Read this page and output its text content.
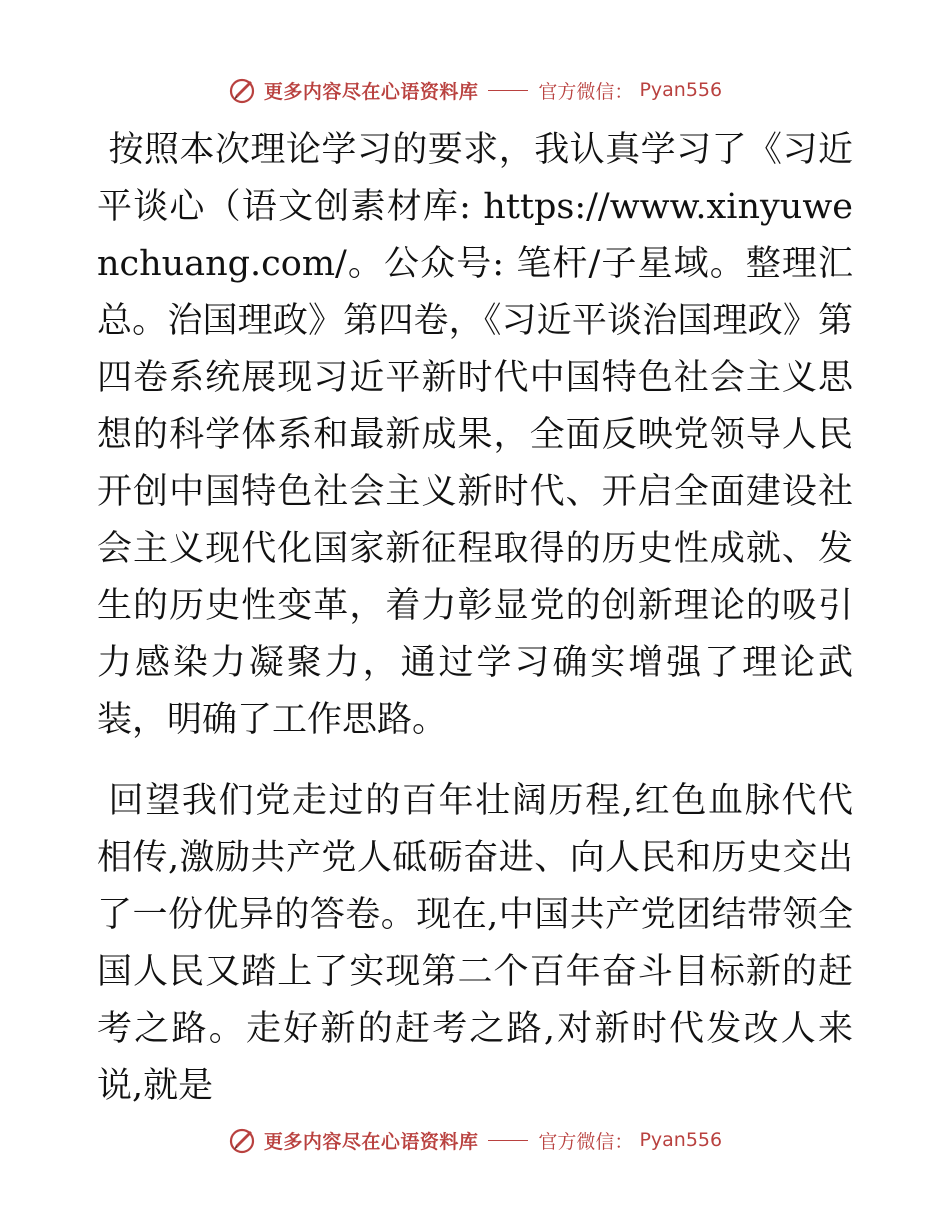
更多内容尽在心语资料库	官方微信： Pyan556

按照本次理论学习的要求，我认真学习了《习近平谈心（语文创素材库: https://www.xinyuwenchuang.com/。公众号: 笔杆/子星域。整理汇总。治国理政》第四卷，《习近平谈治国理政》第四卷系统展现习近平新时代中国特色社会主义思想的科学体系和最新成果，全面反映党领导人民开创中国特色社会主义新时代、开启全面建设社会主义现代化国家新征程取得的历史性成就、发生的历史性变革，着力彰显党的创新理论的吸引力感染力凝聚力，通过学习确实增强了理论武装，明确了工作思路。

回望我们党走过的百年壮阔历程,红色血脉代代相传,激励共产党人砥砺奋进、向人民和历史交出了一份优异的答卷。现在,中国共产党团结带领全国人民又踏上了实现第二个百年奋斗目标新的赶考之路。走好新的赶考之路,对新时代发改人来说,就是

更多内容尽在心语资料库	官方微信： Pyan556
